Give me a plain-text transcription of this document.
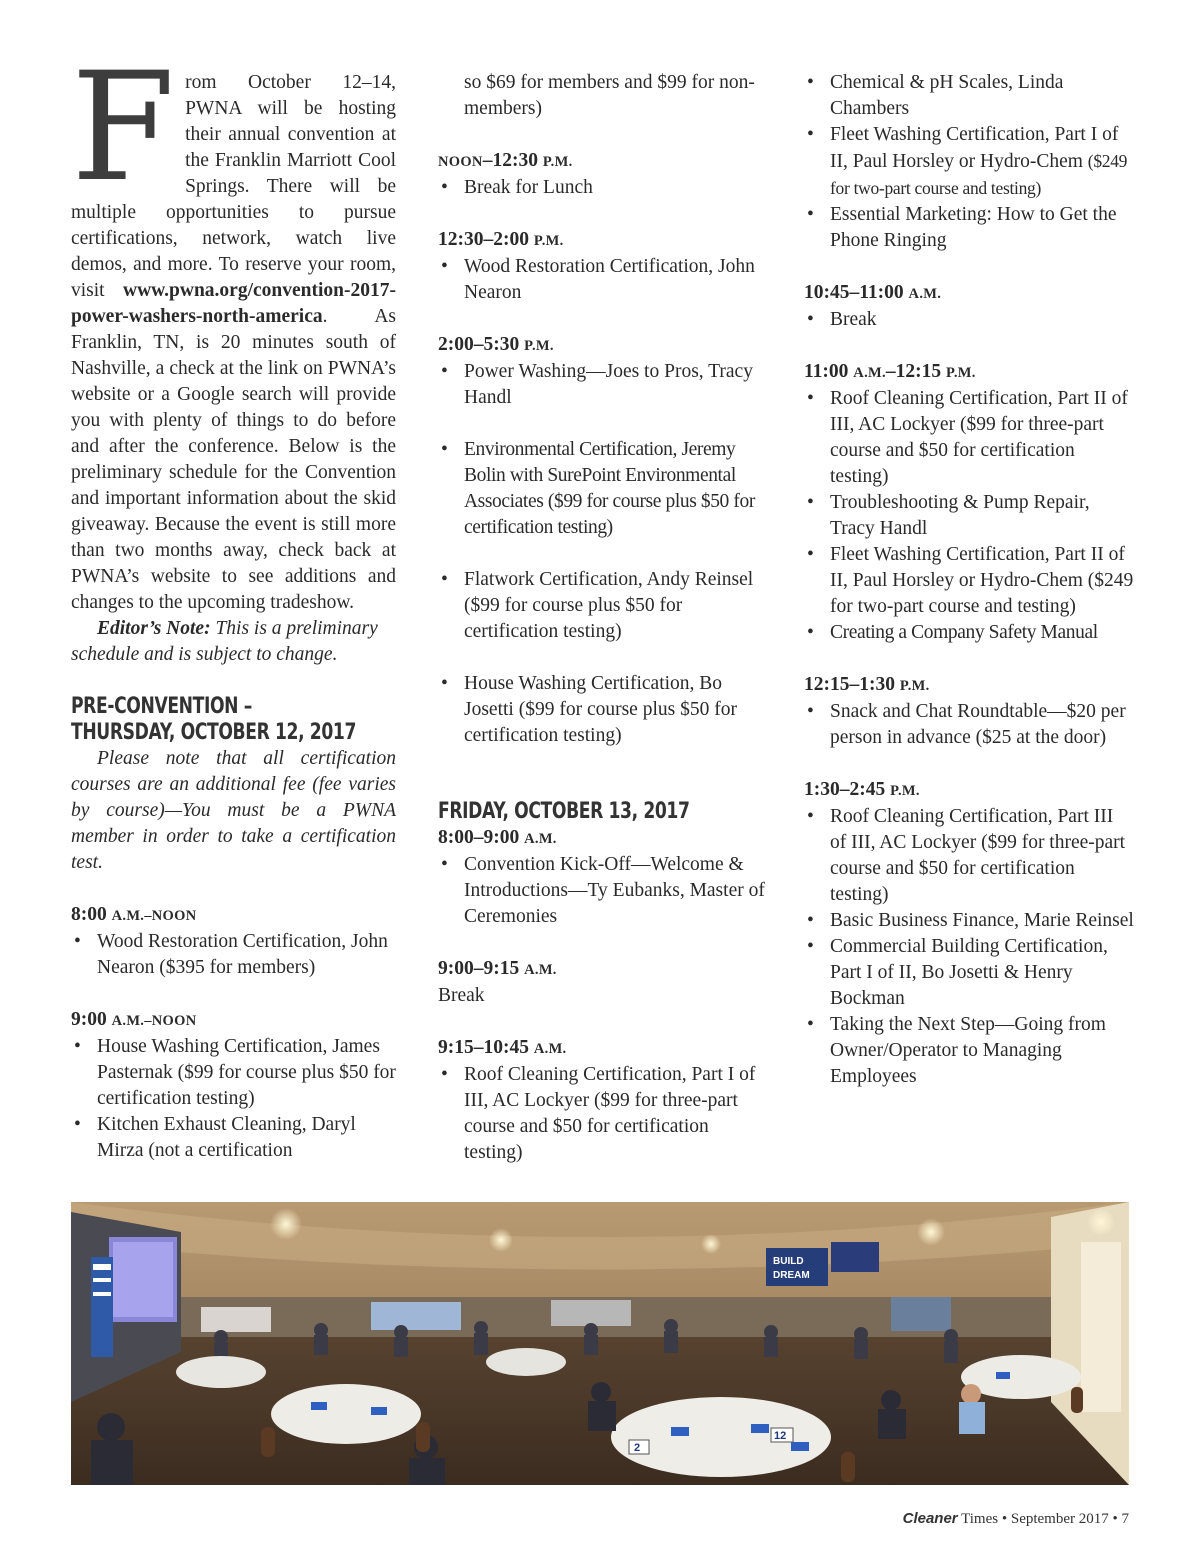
From October 12–14, PWNA will be hosting their annual convention at the Franklin Marriott Cool Springs. There will be multiple opportunities to pursue certifications, network, watch live demos, and more. To reserve your room, visit www.pwna.org/convention-2017-power-washers-north-america. As Franklin, TN, is 20 minutes south of Nashville, a check at the link on PWNA’s website or a Google search will provide you with plenty of things to do before and after the conference. Below is the preliminary schedule for the Convention and important information about the skid giveaway. Because the event is still more than two months away, check back at PWNA’s website to see additions and changes to the upcoming tradeshow.

Editor’s Note: This is a preliminary schedule and is subject to change.

PRE-CONVENTION –
THURSDAY, OCTOBER 12, 2017

Please note that all certification courses are an additional fee (fee varies by course)—You must be a PWNA member in order to take a certification test.

8:00 A.M.–NOON

• Wood Restoration Certification, John Nearon ($395 for members)

9:00 A.M.–NOON

• House Washing Certification, James Pasternak ($99 for course plus $50 for certification testing)
• Kitchen Exhaust Cleaning, Daryl Mirza (not a certification

so $69 for members and $99 for non-members)

NOON–12:30 P.M.

• Break for Lunch

12:30–2:00 P.M.

• Wood Restoration Certification, John Nearon

2:00–5:30 P.M.

• Power Washing—Joes to Pros, Tracy Handl
• Environmental Certification, Jeremy Bolin with SurePoint Environmental Associates ($99 for course plus $50 for certification testing)
• Flatwork Certification, Andy Reinsel ($99 for course plus $50 for certification testing)
• House Washing Certification, Bo Josetti ($99 for course plus $50 for certification testing)
FRIDAY, OCTOBER 13, 2017

8:00–9:00 A.M.

• Convention Kick-Off—Welcome & Introductions—Ty Eubanks, Master of Ceremonies

9:00–9:15 A.M.

Break

9:15–10:45 A.M.

• Roof Cleaning Certification, Part I of III, AC Lockyer ($99 for three-part course and $50 for certification testing)
• Chemical & pH Scales, Linda Chambers
• Fleet Washing Certification, Part I of II, Paul Horsley or Hydro-Chem ($249 for two-part course and testing)
• Essential Marketing: How to Get the Phone Ringing

10:45–11:00 A.M.

• Break

11:00 A.M.–12:15 P.M.

• Roof Cleaning Certification, Part II of III, AC Lockyer ($99 for three-part course and $50 for certification testing)
• Troubleshooting & Pump Repair, Tracy Handl
• Fleet Washing Certification, Part II of II, Paul Horsley or Hydro-Chem ($249 for two-part course and testing)
• Creating a Company Safety Manual

12:15–1:30 P.M.

• Snack and Chat Roundtable—$20 per person in advance ($25 at the door)

1:30–2:45 P.M.

• Roof Cleaning Certification, Part III of III, AC Lockyer ($99 for three-part course and $50 for certification testing)
• Basic Business Finance, Marie Reinsel
• Commercial Building Certification, Part I of II, Bo Josetti & Henry Bockman
• Taking the Next Step—Going from Owner/Operator to Managing Employees
BUILD
DREAM
2
12
Cleaner Times • September 2017 • 7
